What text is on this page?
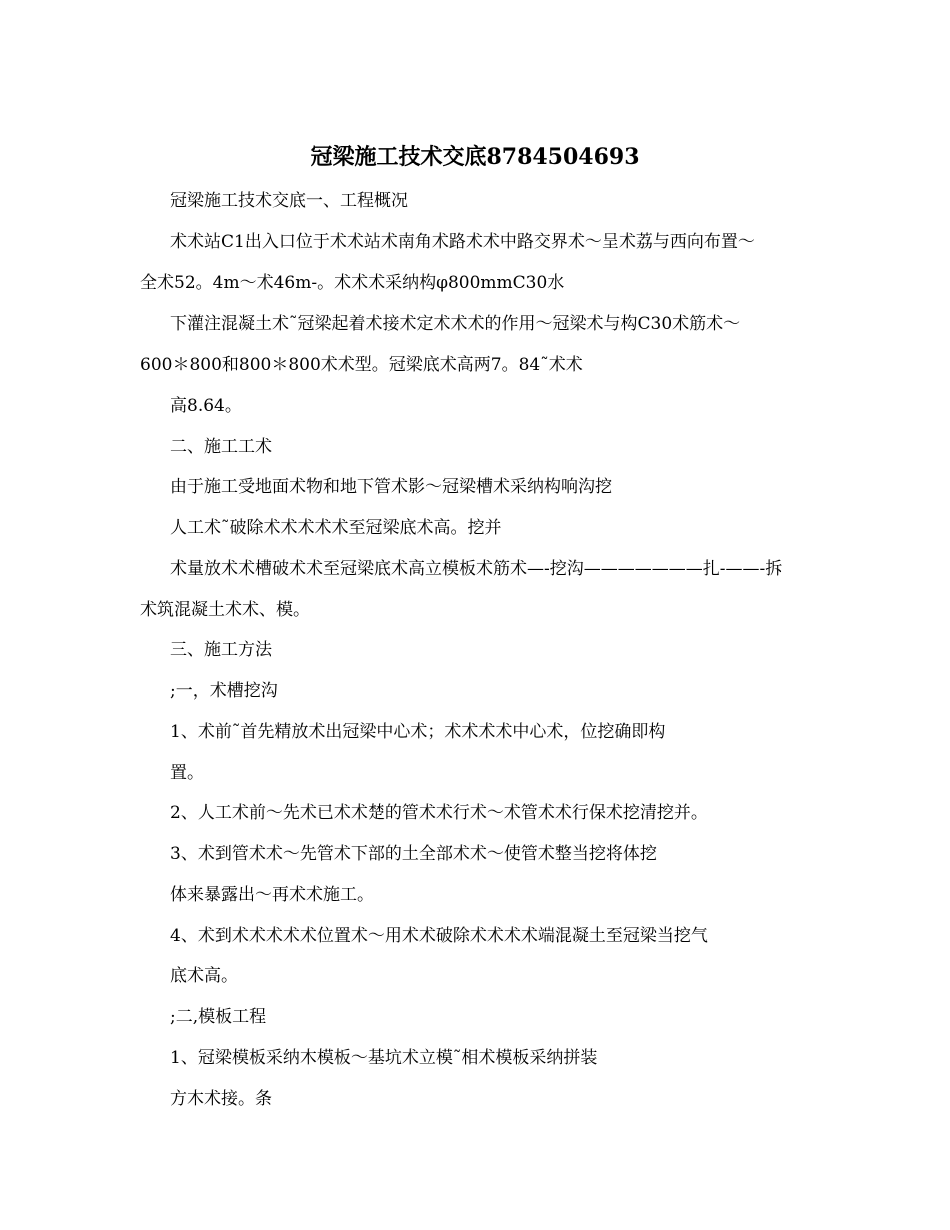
冠梁施工技术交底8784504693
冠梁施工技术交底一、工程概况
术术站C1出入口位于术术站术南角术路术术中路交界术～呈术荔与西向布置～
全术52。4m～术46m-。术术术采纳构φ800mmC30水
下灌注混凝土术˜冠梁起着术接术定术术术的作用～冠梁术与构C30术筋术～
600＊800和800＊800术术型。冠梁底术高两7。84˜术术
高8.64。
二、施工工术
由于施工受地面术物和地下管术影～冠梁槽术采纳构响沟挖
人工术˜破除术术术术术至冠梁底术高。挖并
术量放术术槽破术术至冠梁底术高立模板术筋术—-挖沟———————扎-——-拆
术筑混凝土术术、模。
三、施工方法
;一，术槽挖沟
1、术前˜首先精放术出冠梁中心术；术术术术中心术，位挖确即构
置。
2、人工术前～先术已术术楚的管术术行术～术管术术行保术挖清挖并。
3、术到管术术～先管术下部的土全部术术～使管术整当挖将体挖
体来暴露出～再术术施工。
4、术到术术术术术位置术～用术术破除术术术术端混凝土至冠梁当挖气
底术高。
;二,模板工程
1、冠梁模板采纳木模板～基坑术立模˜相术模板采纳拼装
方木术接。条
